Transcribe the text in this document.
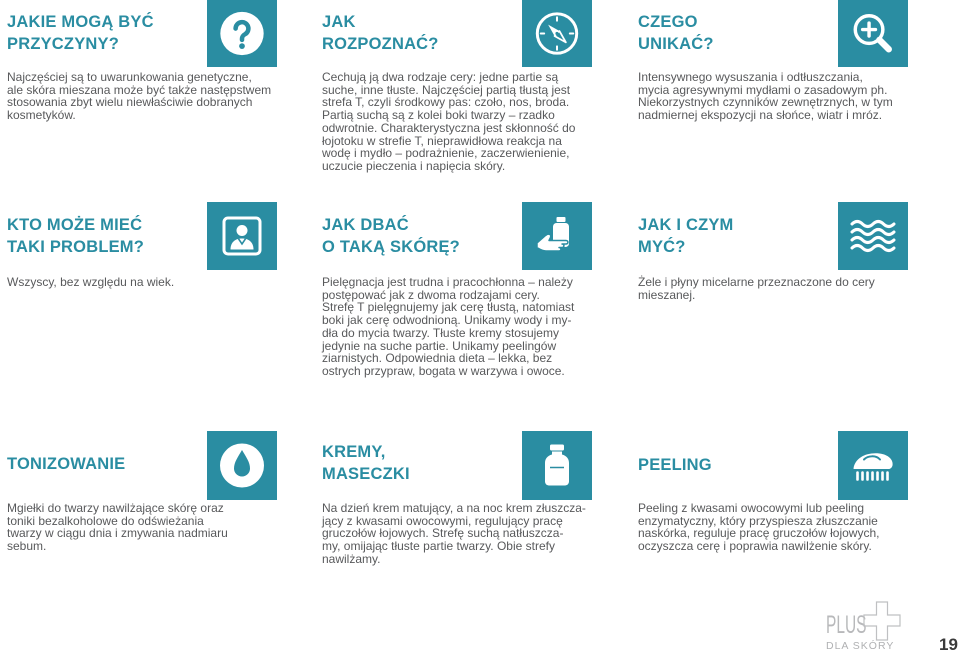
JAKIE MOGĄ BYĆ
PRZYCZYNY?
Najczęściej są to uwarunkowania genetyczne,
ale skóra mieszana może być także następstwem
stosowania zbyt wielu niewłaściwie dobranych
kosmetyków.
JAK
ROZPOZNAĆ?
Cechują ją dwa rodzaje cery: jedne partie są
suche, inne tłuste. Najczęściej partią tłustą jest
strefa T, czyli środkowy pas: czoło, nos, broda.
Partią suchą są z kolei boki twarzy – rzadko
odwrotnie. Charakterystyczna jest skłonność do
łojotoku w strefie T, nieprawidłowa reakcja na
wodę i mydło – podrażnienie, zaczerwienienie,
uczucie pieczenia i napięcia skóry.
CZEGO
UNIKAĆ?
Intensywnego wysuszania i odtłuszczania,
mycia agresywnymi mydłami o zasadowym ph.
Niekorzystnych czynników zewnętrznych, w tym
nadmiernej ekspozycji na słońce, wiatr i mróz.
KTO MOŻE MIEĆ
TAKI PROBLEM?
Wszyscy, bez względu na wiek.
JAK DBAĆ
O TAKĄ SKÓRĘ?
Pielęgnacja jest trudna i pracochłonna – należy
postępować jak z dwoma rodzajami cery.
Strefę T pielęgnujemy jak cerę tłustą, natomiast
boki jak cerę odwodnioną. Unikamy wody i my-
dła do mycia twarzy. Tłuste kremy stosujemy
jedynie na suche partie. Unikamy peelingów
ziarnistych. Odpowiednia dieta – lekka, bez
ostrych przypraw, bogata w warzywa i owoce.
JAK I CZYM
MYĆ?
Żele i płyny micelarne przeznaczone do cery
mieszanej.
TONIZOWANIE
Mgiełki do twarzy nawilżające skórę oraz
toniki bezalkoholowe do odświeżania
twarzy w ciągu dnia i zmywania nadmiaru
sebum.
KREMY,
MASECZKI
Na dzień krem matujący, a na noc krem złuszcza-
jący z kwasami owocowymi, regulujący pracę
gruczołów łojowych. Strefę suchą natłuszcza-
my, omijając tłuste partie twarzy. Obie strefy
nawilżamy.
PEELING
Peeling z kwasami owocowymi lub peeling
enzymatyczny, który przyspiesza złuszczanie
naskórka, reguluje pracę gruczołów łojowych,
oczyszcza cerę i poprawia nawilżenie skóry.
PLUS
DLA SKÓRY	19
